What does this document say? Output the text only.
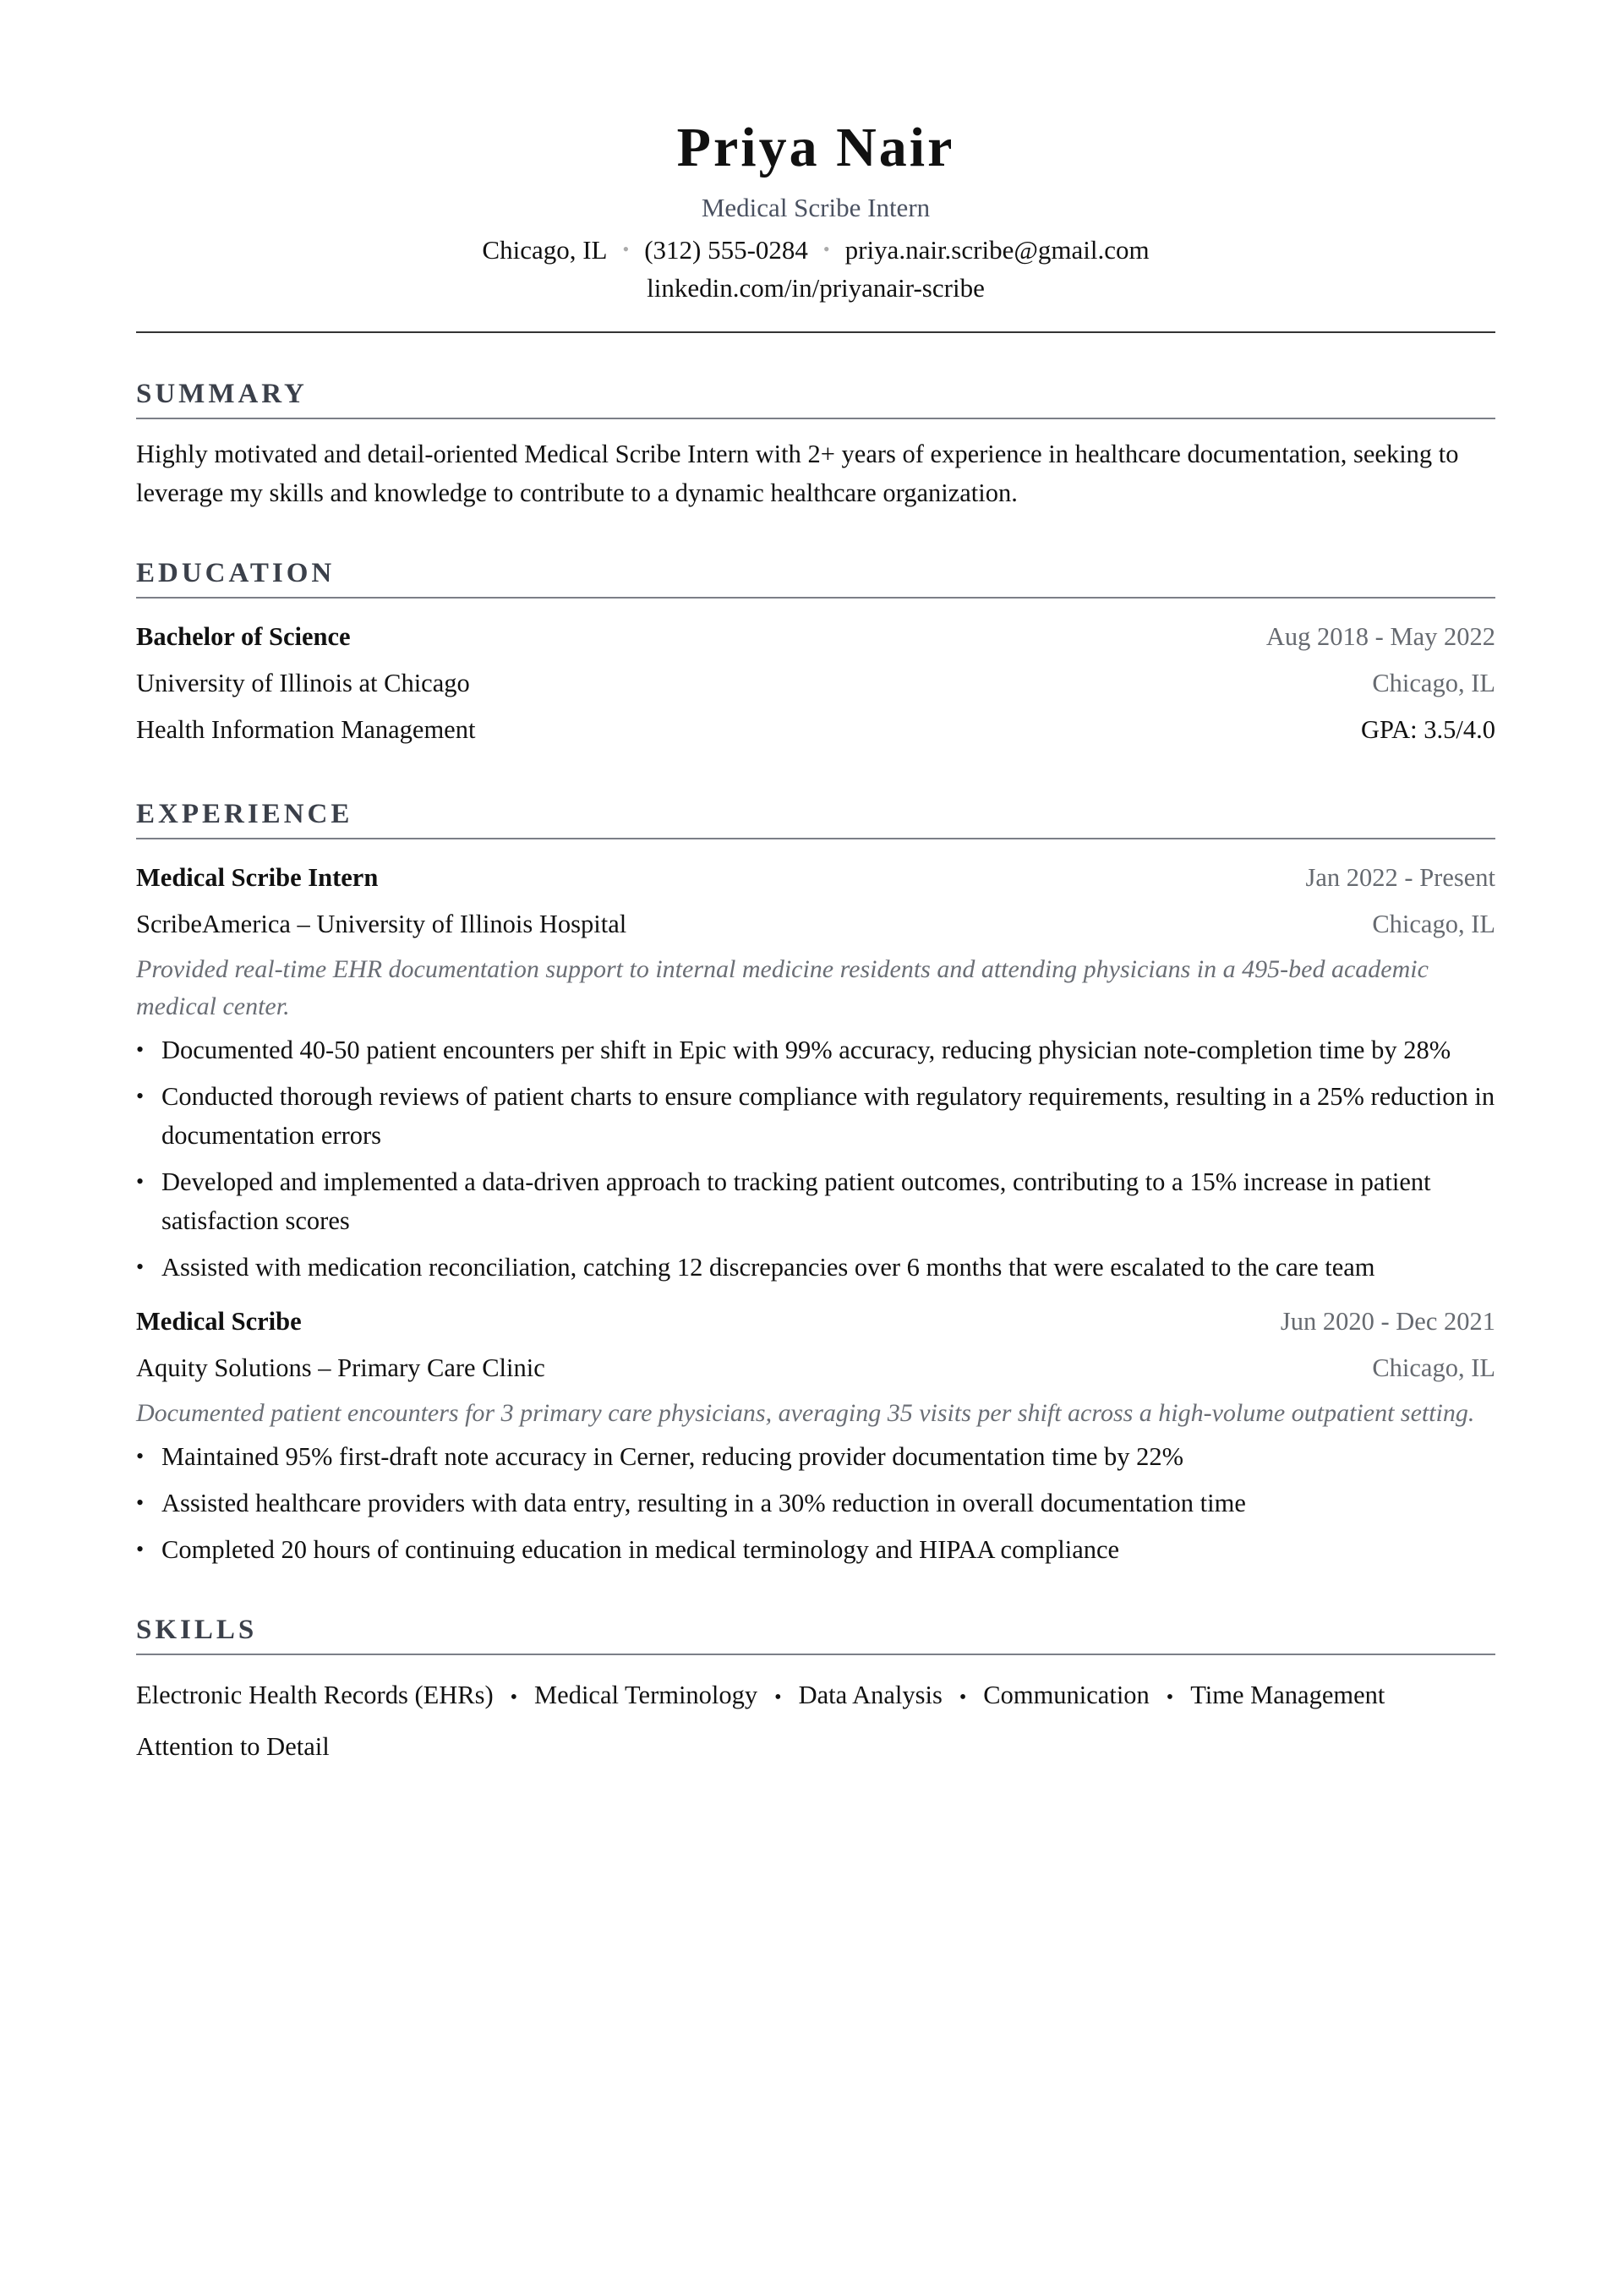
Priya Nair
Medical Scribe Intern
Chicago, IL • (312) 555-0284 • priya.nair.scribe@gmail.com
linkedin.com/in/priyanair-scribe
SUMMARY
Highly motivated and detail-oriented Medical Scribe Intern with 2+ years of experience in healthcare documentation, seeking to leverage my skills and knowledge to contribute to a dynamic healthcare organization.
EDUCATION
Bachelor of Science	Aug 2018 - May 2022
University of Illinois at Chicago	Chicago, IL
Health Information Management	GPA: 3.5/4.0
EXPERIENCE
Medical Scribe Intern	Jan 2022 - Present
ScribeAmerica – University of Illinois Hospital	Chicago, IL
Provided real-time EHR documentation support to internal medicine residents and attending physicians in a 495-bed academic medical center.
• Documented 40-50 patient encounters per shift in Epic with 99% accuracy, reducing physician note-completion time by 28%
• Conducted thorough reviews of patient charts to ensure compliance with regulatory requirements, resulting in a 25% reduction in documentation errors
• Developed and implemented a data-driven approach to tracking patient outcomes, contributing to a 15% increase in patient satisfaction scores
• Assisted with medication reconciliation, catching 12 discrepancies over 6 months that were escalated to the care team
Medical Scribe	Jun 2020 - Dec 2021
Aquity Solutions – Primary Care Clinic	Chicago, IL
Documented patient encounters for 3 primary care physicians, averaging 35 visits per shift across a high-volume outpatient setting.
• Maintained 95% first-draft note accuracy in Cerner, reducing provider documentation time by 22%
• Assisted healthcare providers with data entry, resulting in a 30% reduction in overall documentation time
• Completed 20 hours of continuing education in medical terminology and HIPAA compliance
SKILLS
Electronic Health Records (EHRs) • Medical Terminology • Data Analysis • Communication • Time Management
Attention to Detail
